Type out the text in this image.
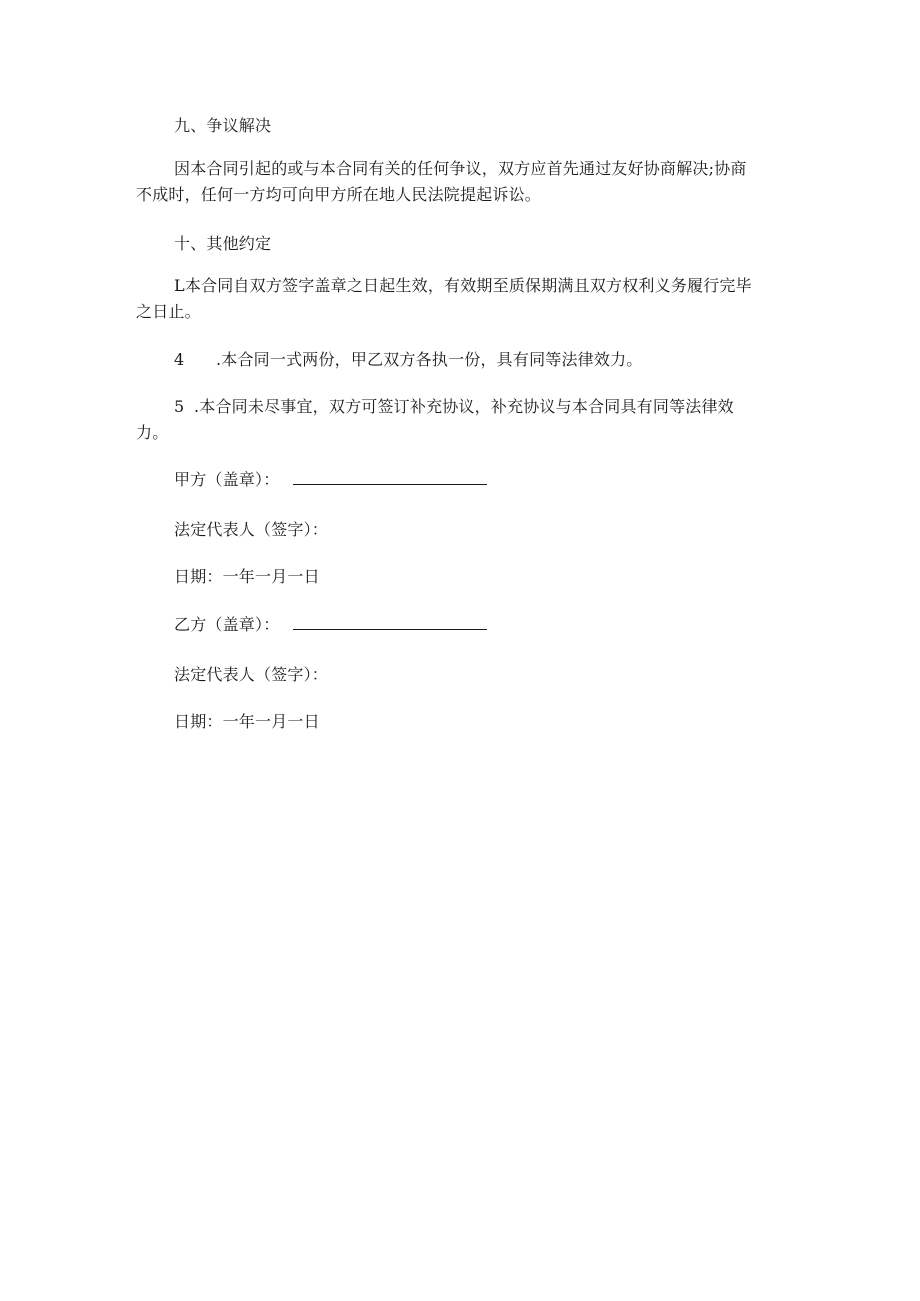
九、争议解决
因本合同引起的或与本合同有关的任何争议，双方应首先通过友好协商解决;协商
不成时，任何一方均可向甲方所在地人民法院提起诉讼。
十、其他约定
L本合同自双方签字盖章之日起生效，有效期至质保期满且双方权利义务履行完毕
之日止。
4 .本合同一式两份，甲乙双方各执一份，具有同等法律效力。
5 .本合同未尽事宜，双方可签订补充协议，补充协议与本合同具有同等法律效
力。
甲方（盖章）：
法定代表人（签字）：
日期：一年一月一日
乙方（盖章）：
法定代表人（签字）：
日期：一年一月一日
